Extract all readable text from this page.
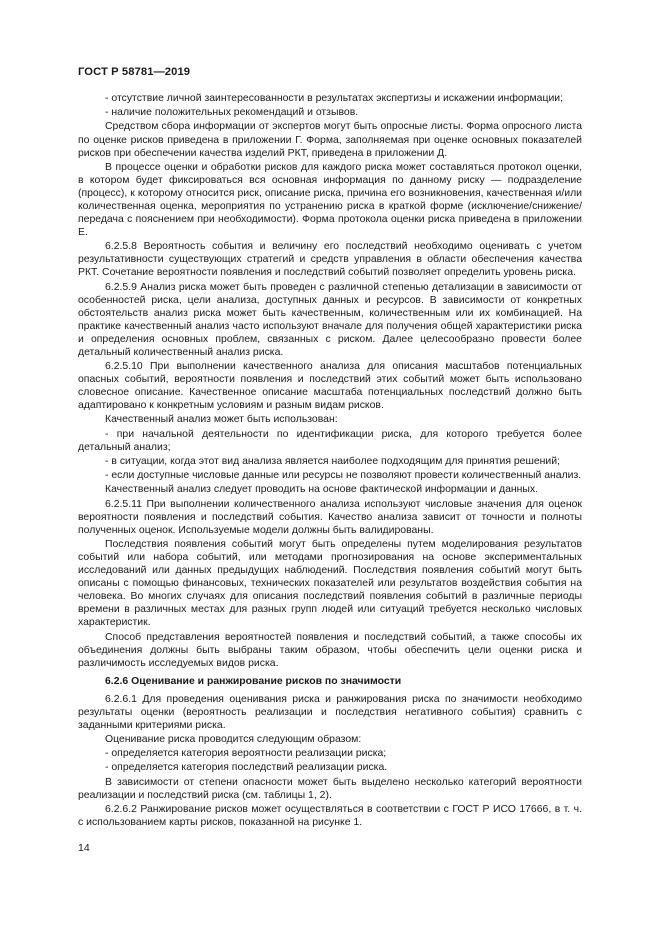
ГОСТ Р 58781—2019

- отсутствие личной заинтересованности в результатах экспертизы и искажении информации;

- наличие положительных рекомендаций и отзывов.

Средством сбора информации от экспертов могут быть опросные листы. Форма опросного листа по оценке рисков приведена в приложении Г. Форма, заполняемая при оценке основных показателей рисков при обеспечении качества изделий РКТ, приведена в приложении Д.

В процессе оценки и обработки рисков для каждого риска может составляться протокол оценки, в котором будет фиксироваться вся основная информация по данному риску — подразделение (процесс), к которому относится риск, описание риска, причина его возникновения, качественная и/или количественная оценка, мероприятия по устранению риска в краткой форме (исключение/снижение/передача с пояснением при необходимости). Форма протокола оценки риска приведена в приложении Е.

6.2.5.8 Вероятность события и величину его последствий необходимо оценивать с учетом результативности существующих стратегий и средств управления в области обеспечения качества РКТ. Сочетание вероятности появления и последствий событий позволяет определить уровень риска.

6.2.5.9 Анализ риска может быть проведен с различной степенью детализации в зависимости от особенностей риска, цели анализа, доступных данных и ресурсов. В зависимости от конкретных обстоятельств анализ риска может быть качественным, количественным или их комбинацией. На практике качественный анализ часто используют вначале для получения общей характеристики риска и определения основных проблем, связанных с риском. Далее целесообразно провести более детальный количественный анализ риска.

6.2.5.10 При выполнении качественного анализа для описания масштабов потенциальных опасных событий, вероятности появления и последствий этих событий может быть использовано словесное описание. Качественное описание масштаба потенциальных последствий должно быть адаптировано к конкретным условиям и разным видам рисков.

Качественный анализ может быть использован:

- при начальной деятельности по идентификации риска, для которого требуется более детальный анализ;

- в ситуации, когда этот вид анализа является наиболее подходящим для принятия решений;

- если доступные числовые данные или ресурсы не позволяют провести количественный анализ.

Качественный анализ следует проводить на основе фактической информации и данных.

6.2.5.11 При выполнении количественного анализа используют числовые значения для оценок вероятности появления и последствий события. Качество анализа зависит от точности и полноты полученных оценок. Используемые модели должны быть валидированы.

Последствия появления событий могут быть определены путем моделирования результатов событий или набора событий, или методами прогнозирования на основе экспериментальных исследований или данных предыдущих наблюдений. Последствия появления событий могут быть описаны с помощью финансовых, технических показателей или результатов воздействия события на человека. Во многих случаях для описания последствий появления событий в различные периоды времени в различных местах для разных групп людей или ситуаций требуется несколько числовых характеристик.

Способ представления вероятностей появления и последствий событий, а также способы их объединения должны быть выбраны таким образом, чтобы обеспечить цели оценки риска и различимость исследуемых видов риска.

6.2.6 Оценивание и ранжирование рисков по значимости

6.2.6.1 Для проведения оценивания риска и ранжирования риска по значимости необходимо результаты оценки (вероятность реализации и последствия негативного события) сравнить с заданными критериями риска.

Оценивание риска проводится следующим образом:

- определяется категория вероятности реализации риска;

- определяется категория последствий реализации риска.

В зависимости от степени опасности может быть выделено несколько категорий вероятности реализации и последствий риска (см. таблицы 1, 2).

6.2.6.2 Ранжирование рисков может осуществляться в соответствии с ГОСТ Р ИСО 17666, в т. ч. с использованием карты рисков, показанной на рисунке 1.

14
